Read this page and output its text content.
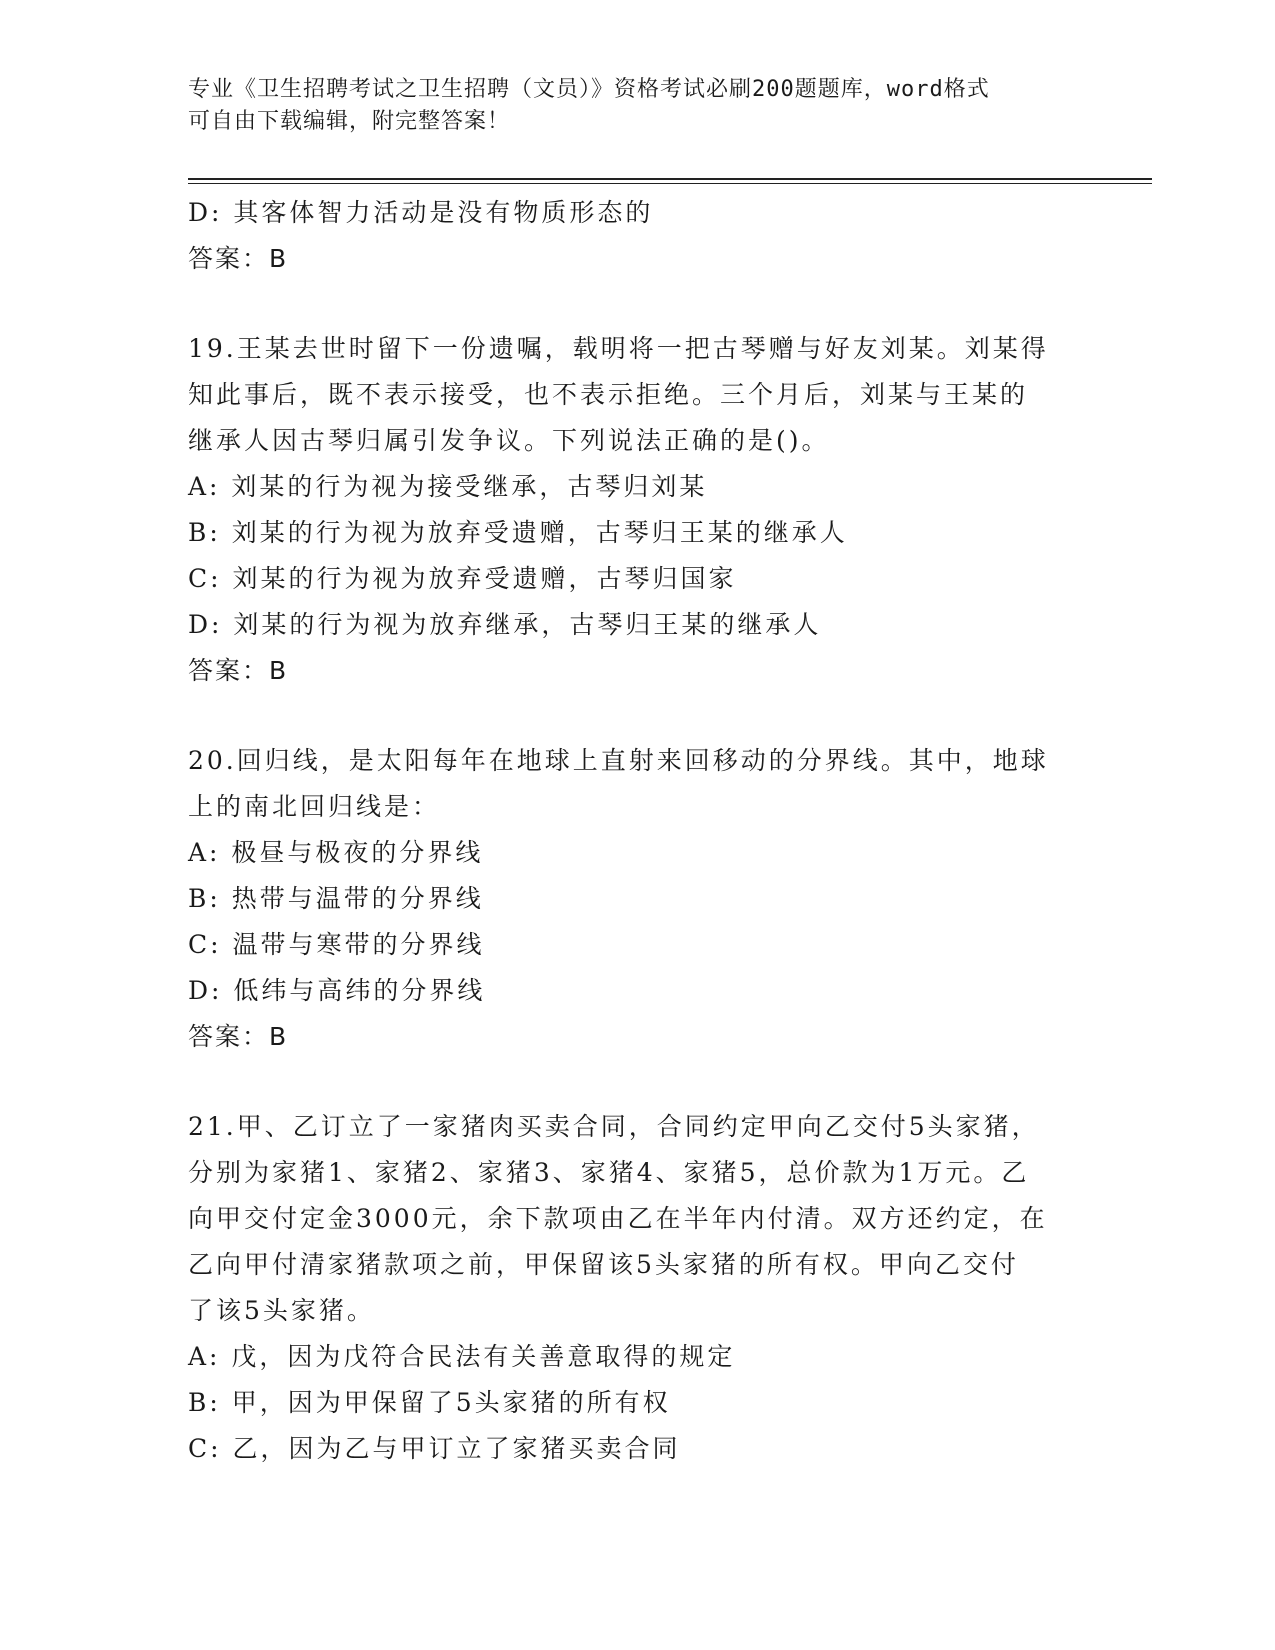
专业《卫生招聘考试之卫生招聘（文员）》资格考试必刷200题题库，word格式
可自由下载编辑，附完整答案！
D: 其客体智力活动是没有物质形态的
答案：B
19.王某去世时留下一份遗嘱，载明将一把古琴赠与好友刘某。刘某得
知此事后，既不表示接受，也不表示拒绝。三个月后，刘某与王某的
继承人因古琴归属引发争议。下列说法正确的是()。
A: 刘某的行为视为接受继承，古琴归刘某
B: 刘某的行为视为放弃受遗赠，古琴归王某的继承人
C: 刘某的行为视为放弃受遗赠，古琴归国家
D: 刘某的行为视为放弃继承，古琴归王某的继承人
答案：B
20.回归线，是太阳每年在地球上直射来回移动的分界线。其中，地球
上的南北回归线是：
A: 极昼与极夜的分界线
B: 热带与温带的分界线
C: 温带与寒带的分界线
D: 低纬与高纬的分界线
答案：B
21.甲、乙订立了一家猪肉买卖合同，合同约定甲向乙交付5头家猪，
分别为家猪1、家猪2、家猪3、家猪4、家猪5，总价款为1万元。乙
向甲交付定金3000元，余下款项由乙在半年内付清。双方还约定，在
乙向甲付清家猪款项之前，甲保留该5头家猪的所有权。甲向乙交付
了该5头家猪。
A: 戊，因为戊符合民法有关善意取得的规定
B: 甲，因为甲保留了5头家猪的所有权
C: 乙，因为乙与甲订立了家猪买卖合同
